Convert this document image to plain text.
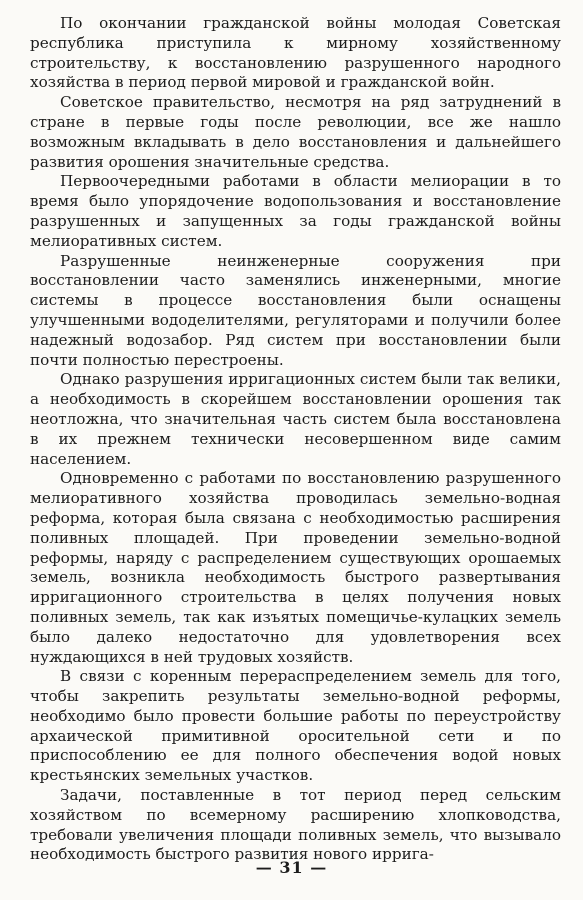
По окончании гражданской войны молодая Советская республика приступила к мирному хозяйственному строительству, к восстановлению разрушенного народного хозяйства в период первой мировой и гражданской войн.

Советское правительство, несмотря на ряд затруднений в стране в первые годы после революции, все же нашло возможным вкладывать в дело восстановления и дальнейшего развития орошения значительные средства.

Первоочередными работами в области мелиорации в то время было упорядочение водопользования и восстановление разрушенных и запущенных за годы гражданской войны мелиоративных систем.

Разрушенные неинженерные сооружения при восстановлении часто заменялись инженерными, многие системы в процессе восстановления были оснащены улучшенными вододелителями, регуляторами и получили более надежный водозабор. Ряд систем при восстановлении были почти полностью перестроены.

Однако разрушения ирригационных систем были так велики, а необходимость в скорейшем восстановлении орошения так неотложна, что значительная часть систем была восстановлена в их прежнем технически несовершенном виде самим населением.

Одновременно с работами по восстановлению разрушенного мелиоративного хозяйства проводилась земельно-водная реформа, которая была связана с необходимостью расширения поливных площадей. При проведении земельно-водной реформы, наряду с распределением существующих орошаемых земель, возникла необходимость быстрого развертывания ирригационного строительства в целях получения новых поливных земель, так как изъятых помещичье-кулацких земель было далеко недостаточно для удовлетворения всех нуждающихся в ней трудовых хозяйств.

В связи с коренным перераспределением земель для того, чтобы закрепить результаты земельно-водной реформы, необходимо было провести большие работы по переустройству архаической примитивной оросительной сети и по приспособлению ее для полного обеспечения водой новых крестьянских земельных участков.

Задачи, поставленные в тот период перед сельским хозяйством по всемерному расширению хлопководства, требовали увеличения площади поливных земель, что вызывало необходимость быстрого развития нового ирригa-

— 31 —
